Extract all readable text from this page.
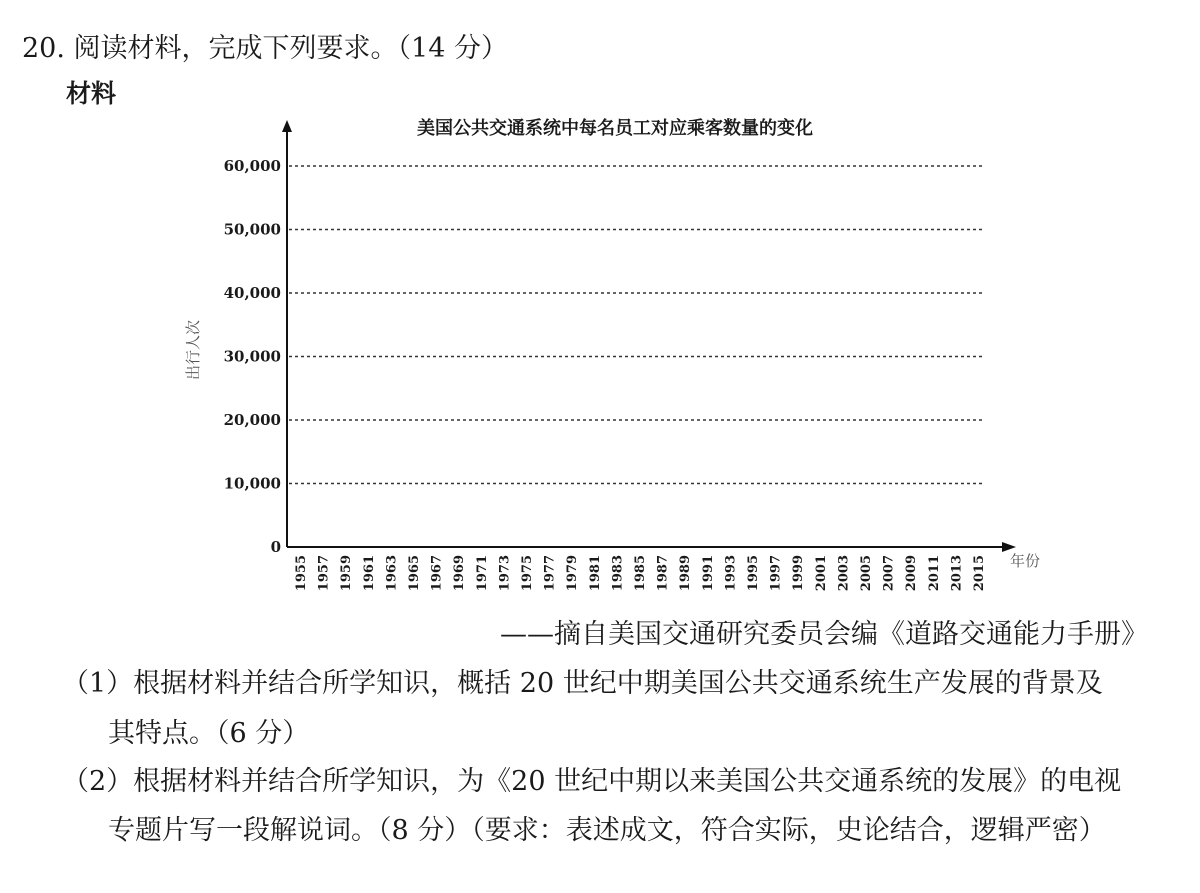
20. 阅读材料，完成下列要求。（14 分）
材料
美国公共交通系统中每名员工对应乘客数量的变化
出行人次
年份
0
10,000
20,000
30,000
40,000
50,000
60,000
1955 1957 1959 1961 1963 1965 1967 1969 1971 1973 1975 1977 1979 1981 1983 1985 1987 1989 1991 1993 1995 1997 1999 2001 2003 2005 2007 2009 2011 2013 2015
——摘自美国交通研究委员会编《道路交通能力手册》
（1）根据材料并结合所学知识，概括 20 世纪中期美国公共交通系统生产发展的背景及
其特点。（6 分）
（2）根据材料并结合所学知识，为《20 世纪中期以来美国公共交通系统的发展》的电视
专题片写一段解说词。（8 分）（要求：表述成文，符合实际，史论结合，逻辑严密）
